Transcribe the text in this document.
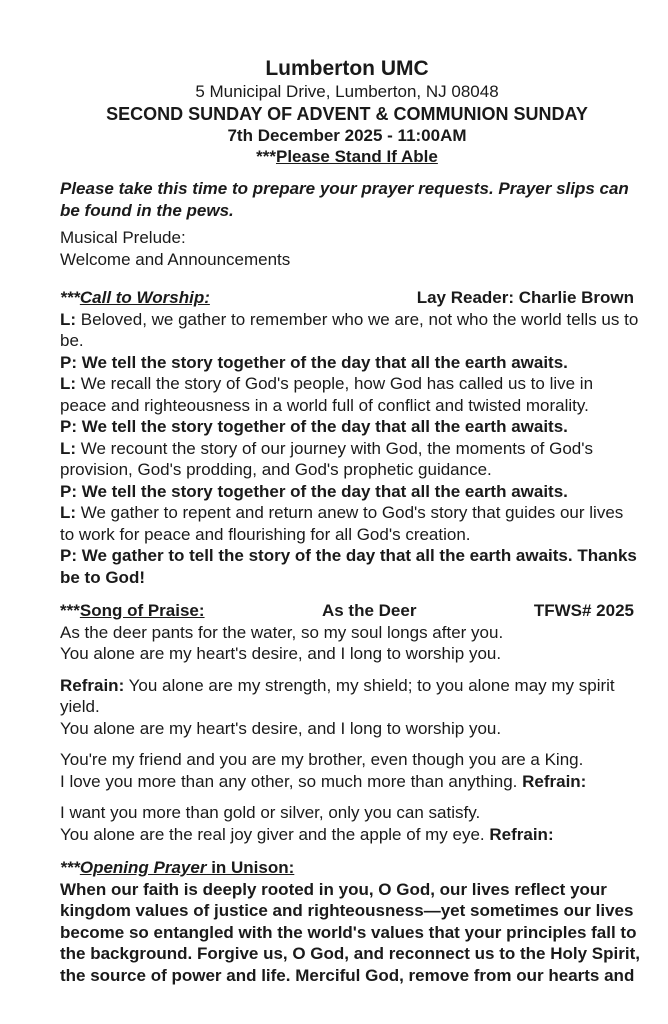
Lumberton UMC
5 Municipal Drive, Lumberton, NJ 08048
SECOND SUNDAY OF ADVENT & COMMUNION SUNDAY
7th December 2025 - 11:00AM
***Please Stand If Able
Please take this time to prepare your prayer requests. Prayer slips can
be found in the pews.
Musical Prelude:
Welcome and Announcements
***Call to Worship:	Lay Reader: Charlie Brown
L: Beloved, we gather to remember who we are, not who the world tells us to
be.
P: We tell the story together of the day that all the earth awaits.
L: We recall the story of God's people, how God has called us to live in
peace and righteousness in a world full of conflict and twisted morality.
P: We tell the story together of the day that all the earth awaits.
L: We recount the story of our journey with God, the moments of God's
provision, God's prodding, and God's prophetic guidance.
P: We tell the story together of the day that all the earth awaits.
L: We gather to repent and return anew to God's story that guides our lives
to work for peace and flourishing for all God's creation.
P: We gather to tell the story of the day that all the earth awaits. Thanks
be to God!
***Song of Praise:	As the Deer	TFWS# 2025
As the deer pants for the water, so my soul longs after you.
You alone are my heart's desire, and I long to worship you.
Refrain: You alone are my strength, my shield; to you alone may my spirit
yield.
You alone are my heart's desire, and I long to worship you.
You're my friend and you are my brother, even though you are a King.
I love you more than any other, so much more than anything. Refrain:
I want you more than gold or silver, only you can satisfy.
You alone are the real joy giver and the apple of my eye. Refrain:
***Opening Prayer in Unison:
When our faith is deeply rooted in you, O God, our lives reflect your
kingdom values of justice and righteousness—yet sometimes our lives
become so entangled with the world's values that your principles fall to
the background. Forgive us, O God, and reconnect us to the Holy Spirit,
the source of power and life. Merciful God, remove from our hearts and
